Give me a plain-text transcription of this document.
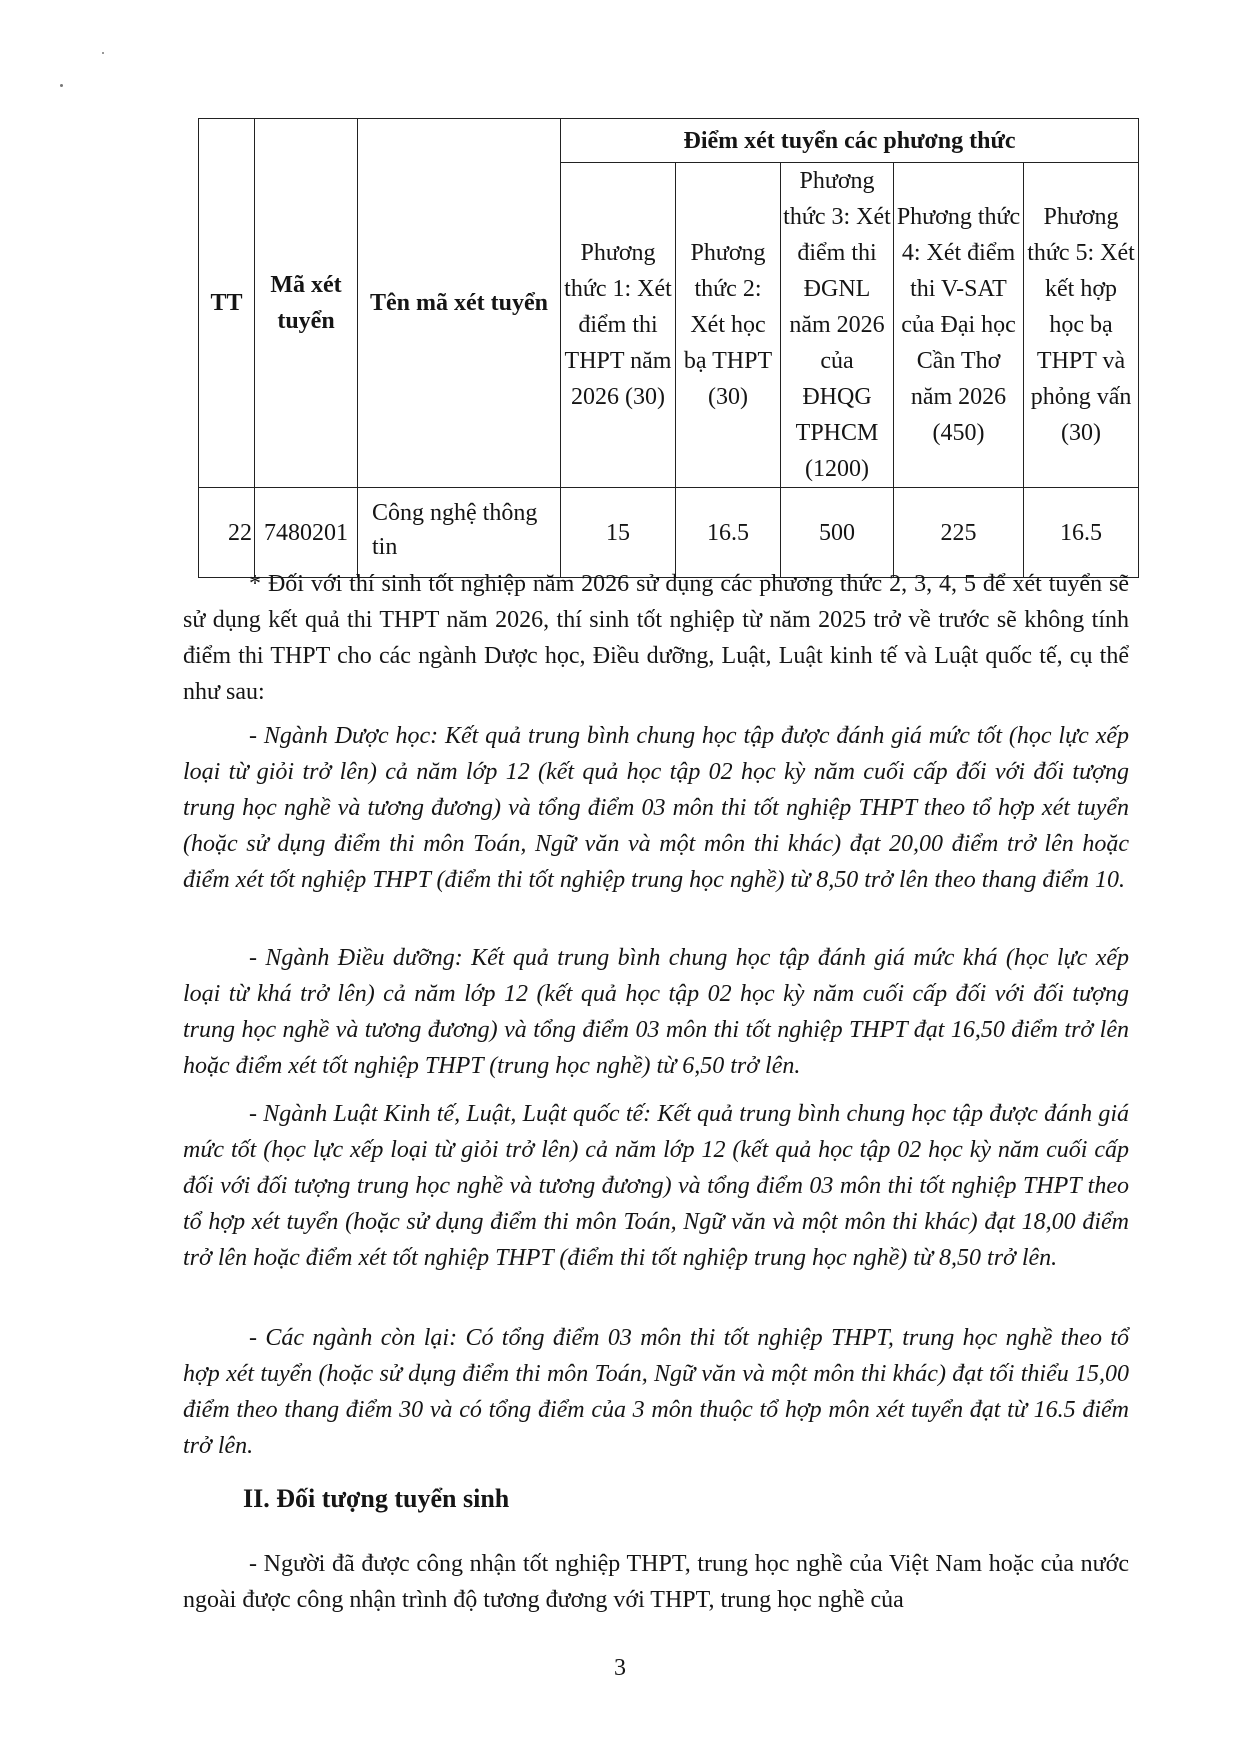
TT	Mã xét tuyển	Tên mã xét tuyển	Điểm xét tuyển các phương thức				
			Phương thức 1: Xét điểm thi THPT năm 2026 (30)	Phương thức 2: Xét học bạ THPT (30)	Phương thức 3: Xét điểm thi ĐGNL năm 2026 của ĐHQG TPHCM (1200)	Phương thức 4: Xét điểm thi V-SAT của Đại học Cần Thơ năm 2026 (450)	Phương thức 5: Xét kết hợp học bạ THPT và phỏng vấn (30)
22	7480201	Công nghệ thông tin	15	16.5	500	225	16.5

* Đối với thí sinh tốt nghiệp năm 2026 sử dụng các phương thức 2, 3, 4, 5 để xét tuyển sẽ sử dụng kết quả thi THPT năm 2026, thí sinh tốt nghiệp từ năm 2025 trở về trước sẽ không tính điểm thi THPT cho các ngành Dược học, Điều dưỡng, Luật, Luật kinh tế và Luật quốc tế, cụ thể như sau:

- Ngành Dược học: Kết quả trung bình chung học tập được đánh giá mức tốt (học lực xếp loại từ giỏi trở lên) cả năm lớp 12 (kết quả học tập 02 học kỳ năm cuối cấp đối với đối tượng trung học nghề và tương đương) và tổng điểm 03 môn thi tốt nghiệp THPT theo tổ hợp xét tuyển (hoặc sử dụng điểm thi môn Toán, Ngữ văn và một môn thi khác) đạt 20,00 điểm trở lên hoặc điểm xét tốt nghiệp THPT (điểm thi tốt nghiệp trung học nghề) từ 8,50 trở lên theo thang điểm 10.

- Ngành Điều dưỡng: Kết quả trung bình chung học tập đánh giá mức khá (học lực xếp loại từ khá trở lên) cả năm lớp 12 (kết quả học tập 02 học kỳ năm cuối cấp đối với đối tượng trung học nghề và tương đương) và tổng điểm 03 môn thi tốt nghiệp THPT đạt 16,50 điểm trở lên hoặc điểm xét tốt nghiệp THPT (trung học nghề) từ 6,50 trở lên.

- Ngành Luật Kinh tế, Luật, Luật quốc tế: Kết quả trung bình chung học tập được đánh giá mức tốt (học lực xếp loại từ giỏi trở lên) cả năm lớp 12 (kết quả học tập 02 học kỳ năm cuối cấp đối với đối tượng trung học nghề và tương đương) và tổng điểm 03 môn thi tốt nghiệp THPT theo tổ hợp xét tuyển (hoặc sử dụng điểm thi môn Toán, Ngữ văn và một môn thi khác) đạt 18,00 điểm trở lên hoặc điểm xét tốt nghiệp THPT (điểm thi tốt nghiệp trung học nghề) từ 8,50 trở lên.

- Các ngành còn lại: Có tổng điểm 03 môn thi tốt nghiệp THPT, trung học nghề theo tổ hợp xét tuyển (hoặc sử dụng điểm thi môn Toán, Ngữ văn và một môn thi khác) đạt tối thiểu 15,00 điểm theo thang điểm 30 và có tổng điểm của 3 môn thuộc tổ hợp môn xét tuyển đạt từ 16.5 điểm trở lên.

II. Đối tượng tuyển sinh

- Người đã được công nhận tốt nghiệp THPT, trung học nghề của Việt Nam hoặc của nước ngoài được công nhận trình độ tương đương với THPT, trung học nghề của

3
